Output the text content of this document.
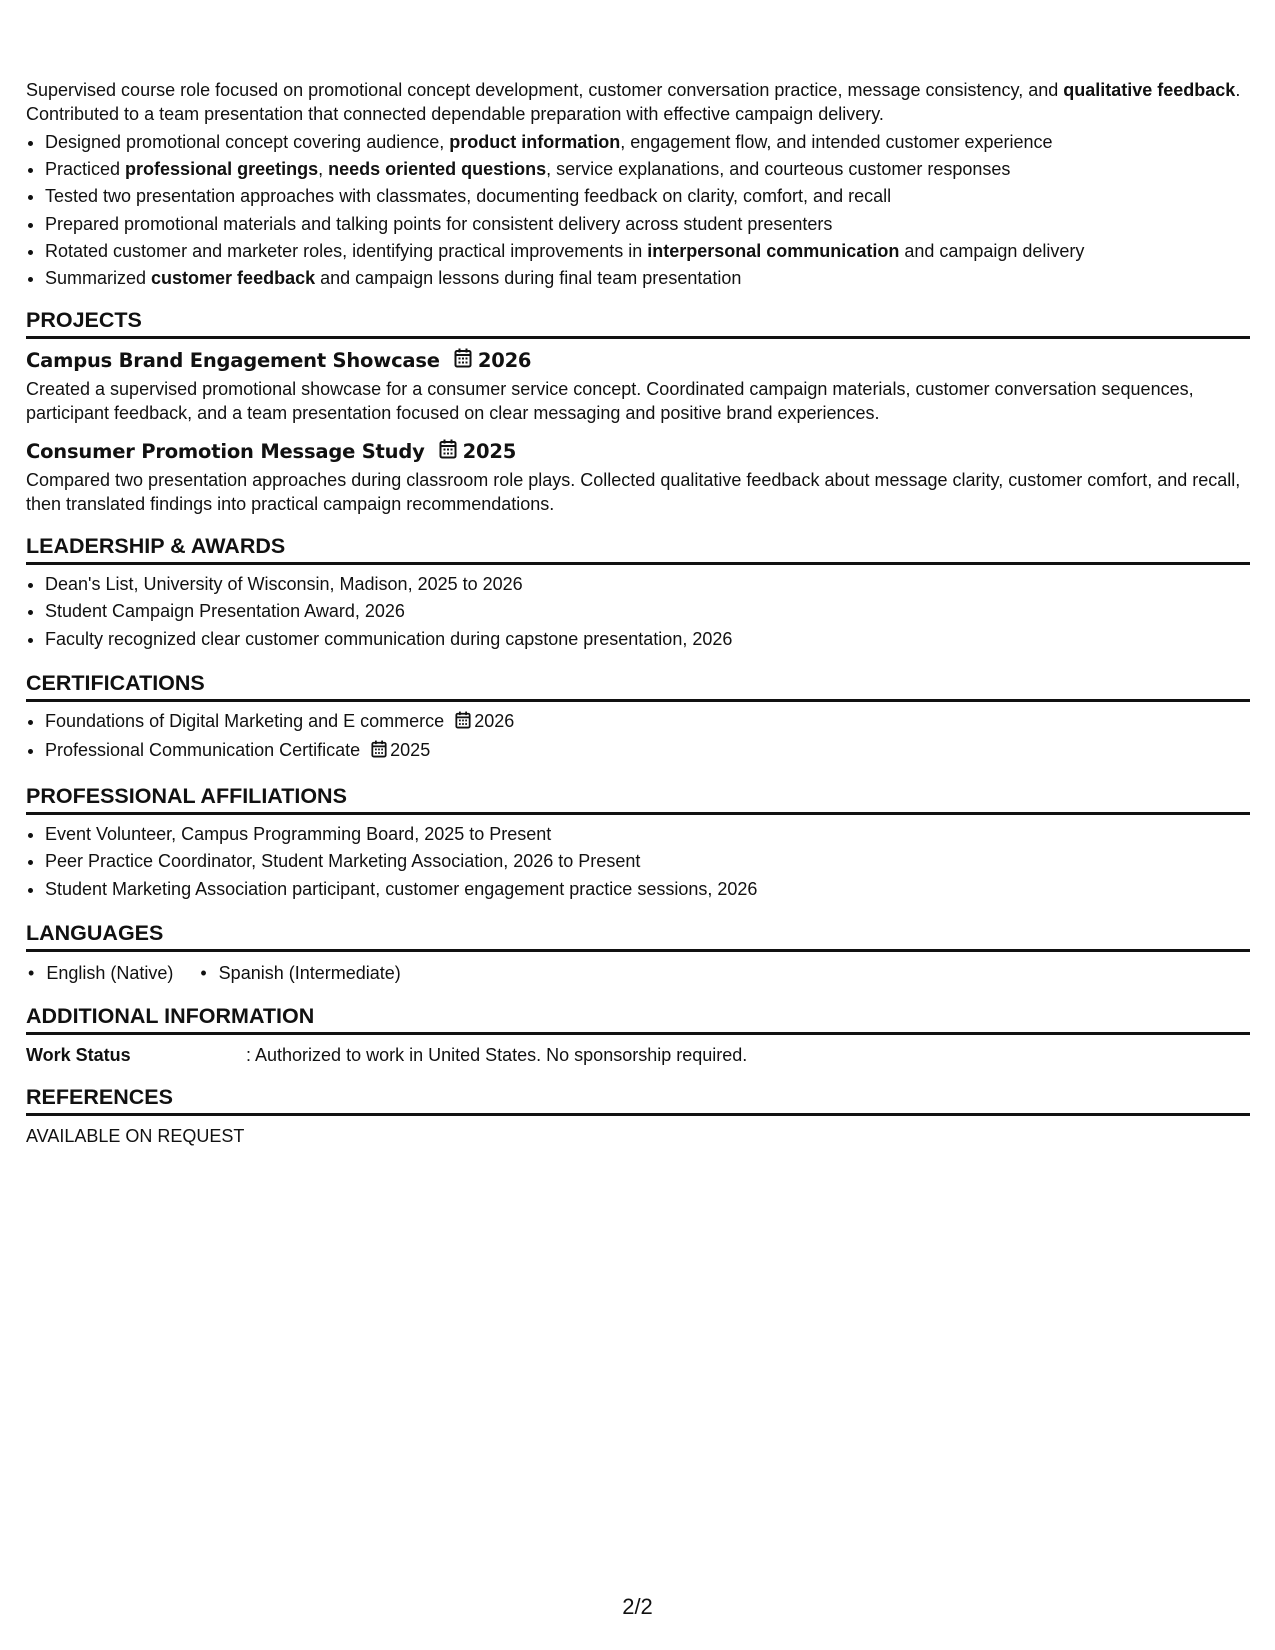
Supervised course role focused on promotional concept development, customer conversation practice, message consistency, and qualitative feedback. Contributed to a team presentation that connected dependable preparation with effective campaign delivery.

• Designed promotional concept covering audience, product information, engagement flow, and intended customer experience
• Practiced professional greetings, needs oriented questions, service explanations, and courteous customer responses
• Tested two presentation approaches with classmates, documenting feedback on clarity, comfort, and recall
• Prepared promotional materials and talking points for consistent delivery across student presenters
• Rotated customer and marketer roles, identifying practical improvements in interpersonal communication and campaign delivery
• Summarized customer feedback and campaign lessons during final team presentation
PROJECTS
Campus Brand Engagement Showcase 2026

Created a supervised promotional showcase for a consumer service concept. Coordinated campaign materials, customer conversation sequences, participant feedback, and a team presentation focused on clear messaging and positive brand experiences.

Consumer Promotion Message Study 2025

Compared two presentation approaches during classroom role plays. Collected qualitative feedback about message clarity, customer comfort, and recall, then translated findings into practical campaign recommendations.

LEADERSHIP & AWARDS
• Dean's List, University of Wisconsin, Madison, 2025 to 2026
• Student Campaign Presentation Award, 2026
• Faculty recognized clear customer communication during capstone presentation, 2026
CERTIFICATIONS
• Foundations of Digital Marketing and E commerce 2026
• Professional Communication Certificate 2025
PROFESSIONAL AFFILIATIONS
• Event Volunteer, Campus Programming Board, 2025 to Present
• Peer Practice Coordinator, Student Marketing Association, 2026 to Present
• Student Marketing Association participant, customer engagement practice sessions, 2026
LANGUAGES
• English (Native)
•	Spanish (Intermediate)
ADDITIONAL INFORMATION
Work Status	: Authorized to work in United States. No sponsorship required.
REFERENCES
AVAILABLE ON REQUEST
2/2
